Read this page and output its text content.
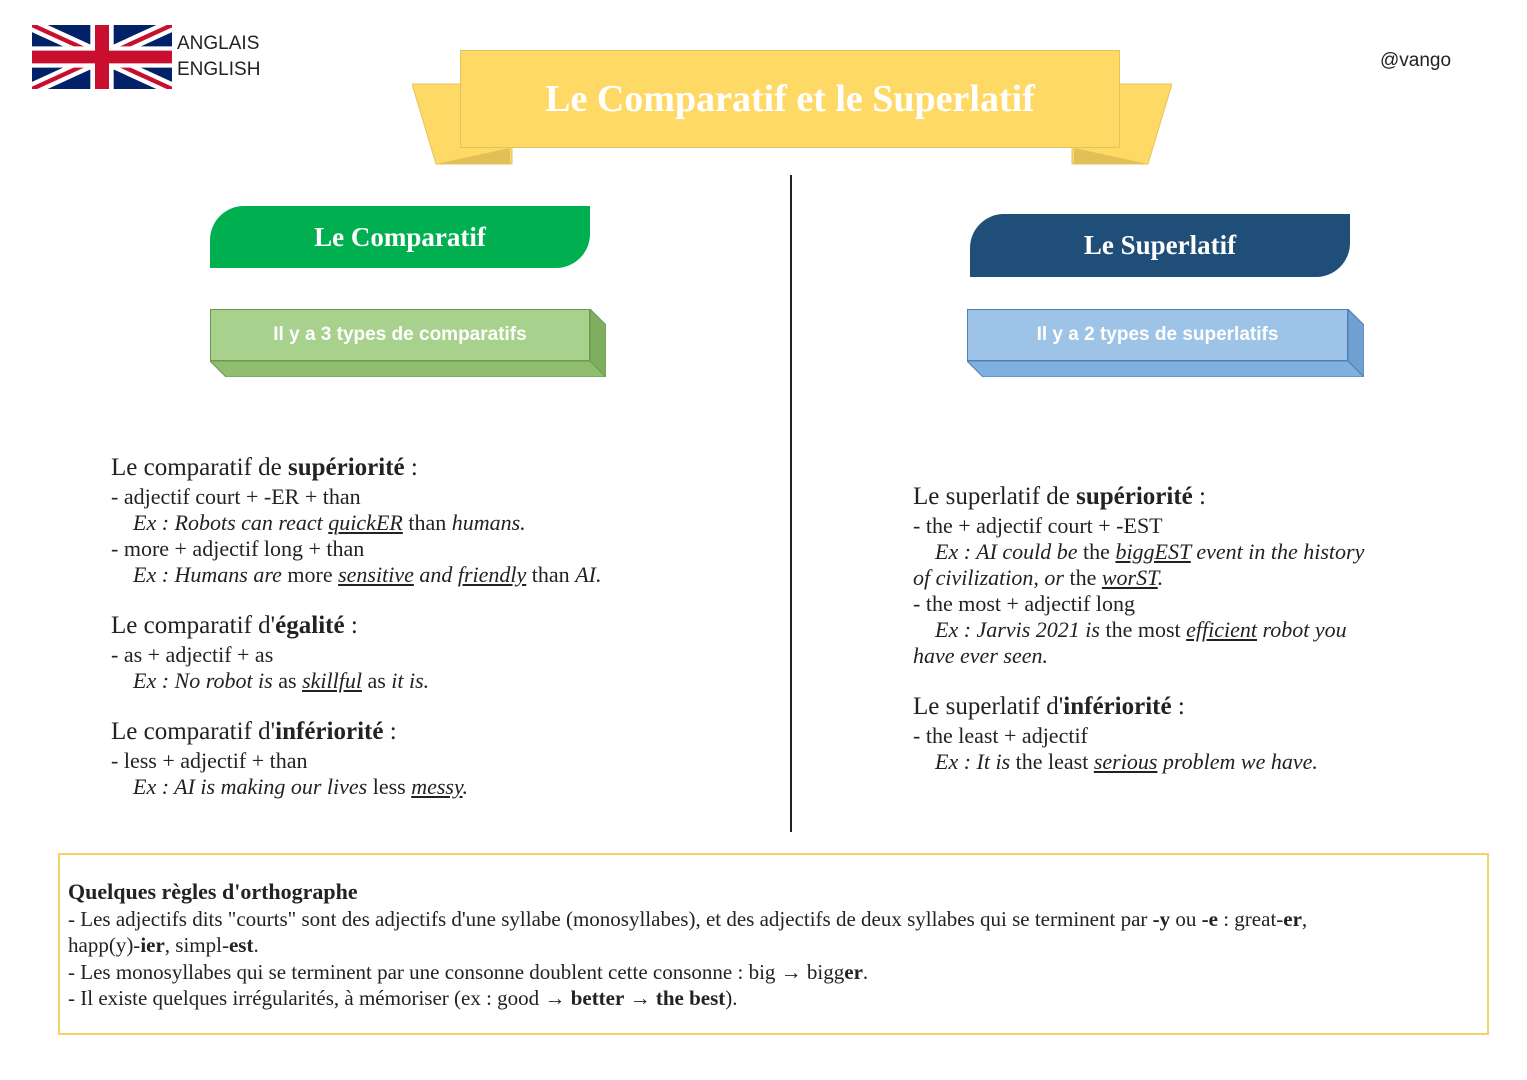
ANGLAIS
ENGLISH	@vango
Le Comparatif et le Superlatif
Le Comparatif
Il y a 3 types de comparatifs
Le Superlatif
Il y a 2 types de superlatifs
Le comparatif de supériorité :
- adjectif court + -ER + than
Ex : Robots can react quickER than humans.
- more + adjectif long + than
Ex : Humans are more sensitive and friendly than AI.
Le comparatif d'égalité :
- as + adjectif + as
Ex : No robot is as skillful as it is.
Le comparatif d'infériorité :
- less + adjectif + than
Ex : AI is making our lives less messy.
Le superlatif de supériorité :
- the + adjectif court + -EST
Ex : AI could be the biggEST event in the history
of civilization, or the worST.
- the most + adjectif long
Ex : Jarvis 2021 is the most efficient robot you
have ever seen.
Le superlatif d'infériorité :
- the least + adjectif
Ex : It is the least serious problem we have.
Quelques règles d'orthographe
- Les adjectifs dits "courts" sont des adjectifs d'une syllabe (monosyllabes), et des adjectifs de deux syllabes qui se terminent par -y ou -e : great-er,
happ(y)-ier, simpl-est.
- Les monosyllabes qui se terminent par une consonne doublent cette consonne : big → bigger.
- Il existe quelques irrégularités, à mémoriser (ex : good → better → the best).
